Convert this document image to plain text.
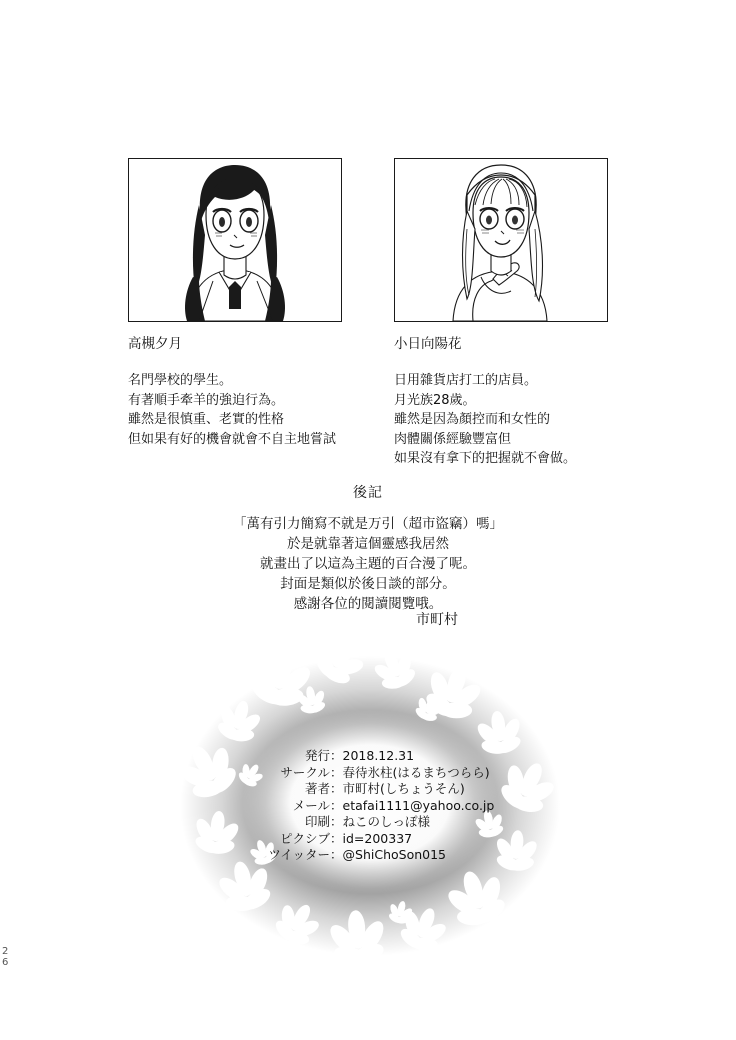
2
6
高槻夕月
名門學校的學生。
有著順手牽羊的強迫行為。
雖然是很慎重、老實的性格
但如果有好的機會就會不自主地嘗試
小日向陽花
日用雜貨店打工的店員。
月光族28歲。
雖然是因為顏控而和女性的
肉體關係經驗豐富但
如果沒有拿下的把握就不會做。
後記
「萬有引力簡寫不就是万引（超市盜竊）嗎」
於是就靠著這個靈感我居然
就畫出了以這為主題的百合漫了呢。
封面是類似於後日談的部分。
感謝各位的閱讀閱覽哦。
市町村
発行	：	2018.12.31
サークル	：	春待氷柱(はるまちつらら)
著者	：	市町村(しちょうそん)
メール	：	etafai1111@yahoo.co.jp
印刷	：	ねこのしっぽ様
ピクシブ	：	id=200337
ツイッター	：	@ShiChoSon015
